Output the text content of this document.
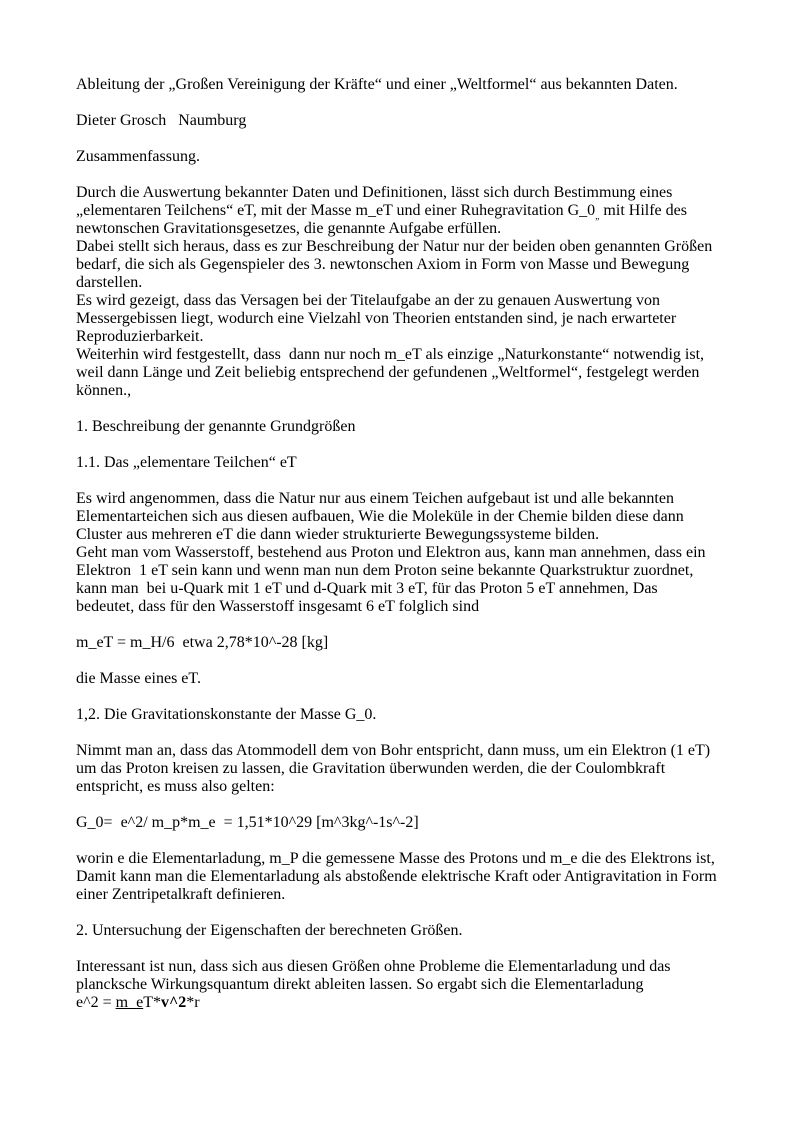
Ableitung der „Großen Vereinigung der Kräfte“ und einer „Weltformel“ aus bekannten Daten.

Dieter Grosch   Naumburg

Zusammenfassung.

Durch die Auswertung bekannter Daten und Definitionen, lässt sich durch Bestimmung eines
„elementaren Teilchens“ eT, mit der Masse m_eT und einer Ruhegravitation $G\_0_„$ mit Hilfe des
newtonschen Gravitationsgesetzes, die genannte Aufgabe erfüllen.

Dabei stellt sich heraus, dass es zur Beschreibung der Natur nur der beiden oben genannten Größen
bedarf, die sich als Gegenspieler des 3. newtonschen Axiom in Form von Masse und Bewegung
darstellen.

Es wird gezeigt, dass das Versagen bei der Titelaufgabe an der zu genauen Auswertung von
Messergebissen liegt, wodurch eine Vielzahl von Theorien entstanden sind, je nach erwarteter
Reproduzierbarkeit.

Weiterhin wird festgestellt, dass  dann nur noch m_eT als einzige „Naturkonstante“ notwendig ist,
weil dann Länge und Zeit beliebig entsprechend der gefundenen „Weltformel“, festgelegt werden
können.,

1. Beschreibung der genannte Grundgrößen

1.1. Das „elementare Teilchen“ eT

Es wird angenommen, dass die Natur nur aus einem Teichen aufgebaut ist und alle bekannten
Elementarteichen sich aus diesen aufbauen, Wie die Moleküle in der Chemie bilden diese dann
Cluster aus mehreren eT die dann wieder strukturierte Bewegungssysteme bilden.

Geht man vom Wasserstoff, bestehend aus Proton und Elektron aus, kann man annehmen, dass ein
Elektron  1 eT sein kann und wenn man nun dem Proton seine bekannte Quarkstruktur zuordnet,
kann man  bei u-Quark mit 1 eT und d-Quark mit 3 eT, für das Proton 5 eT annehmen, Das
bedeutet, dass für den Wasserstoff insgesamt 6 eT folglich sind

m_eT = m_H/6  etwa 2,78*10^-28 [kg]

die Masse eines eT.

1,2. Die Gravitationskonstante der Masse G_0.

Nimmt man an, dass das Atommodell dem von Bohr entspricht, dann muss, um ein Elektron (1 eT)
um das Proton kreisen zu lassen, die Gravitation überwunden werden, die der Coulombkraft
entspricht, es muss also gelten:

G_0=  e^2/ m_p*m_e  = 1,51*10^29 [m^3kg^-1s^-2]

worin e die Elementarladung, m_P die gemessene Masse des Protons und m_e die des Elektrons ist,
Damit kann man die Elementarladung als abstoßende elektrische Kraft oder Antigravitation in Form
einer Zentripetalkraft definieren.

2. Untersuchung der Eigenschaften der berechneten Größen.

Interessant ist nun, dass sich aus diesen Größen ohne Probleme die Elementarladung und das
plancksche Wirkungsquantum direkt ableiten lassen. So ergabt sich die Elementarladung
e^2 = m_eT*v^2*r
